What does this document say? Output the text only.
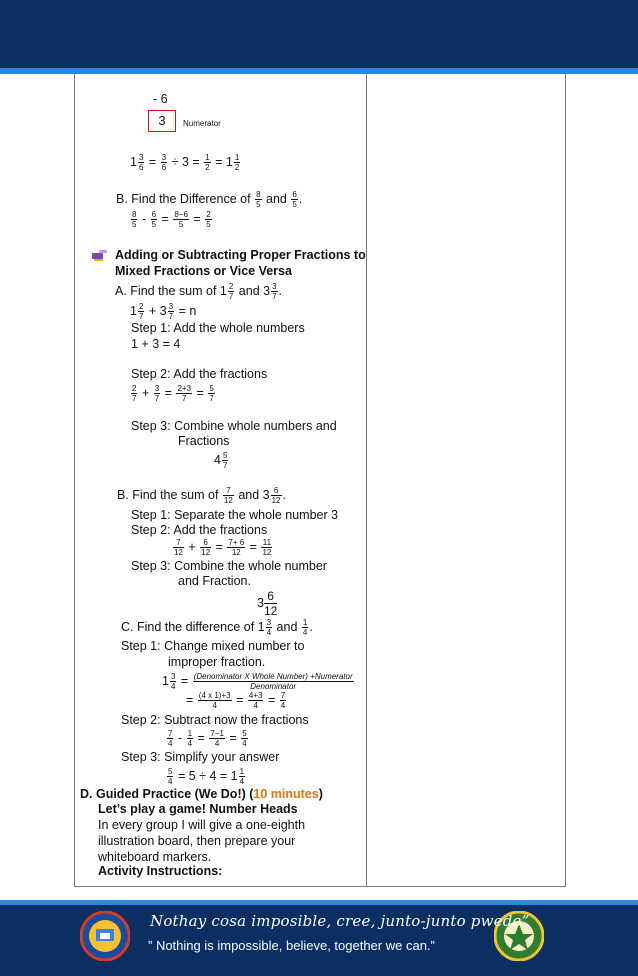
- 6
3	Numerator
$1 \frac{3}{6} = \frac{3}{6} \div 3 = \frac{1}{2} = 1 \frac{1}{2}$
B. Find the Difference of $\frac{8}{5}$ and $\frac{6}{5}$ .
$\frac{8}{5} - \frac{6}{5} = \frac{8-6}{5} = \frac{2}{5}$
Adding or Subtracting Proper Fractions to
Mixed Fractions or Vice Versa
A. Find the sum of $1 \frac{2}{7}$ and $3 \frac{3}{7}$ .
$1 \frac{2}{7} + 3 \frac{3}{7} = n$
Step 1: Add the whole numbers
1 + 3 = 4
Step 2: Add the fractions
$\frac{2}{7} + \frac{3}{7} = \frac{2+3}{7} = \frac{5}{7}$
Step 3: Combine whole numbers and
Fractions
$4 \frac{5}{7}$
B. Find the sum of $\frac{7}{12}$ and $3 \frac{6}{12}$ .
Step 1: Separate the whole number 3
Step 2: Add the fractions
$\frac{7}{12} + \frac{6}{12} = \frac{7+ 6}{12} = \frac{11}{12}$
Step 3: Combine the whole number
and Fraction.
$3 \frac{6}{12}$
C. Find the difference of $1 \frac{3}{4}$ and $\frac{1}{4}$ .
Step 1: Change mixed number to
improper fraction.
$1 \frac{3}{4} = \frac{\text{(Denominator X Whole Number) +Numerator}}{\text{Denominator}}$
= $\frac{(4 x 1)+3}{4} = \frac{4+3}{4} = \frac{7}{4}$
Step 2: Subtract now the fractions
$\frac{7}{4} - \frac{1}{4} = \frac{7-1}{4} = \frac{5}{4}$
Step 3: Simplify your answer
$\frac{5}{4} = 5 \div 4 = 1 \frac{1}{4}$
D. Guided Practice (We Do!) (10 minutes)
Let’s play a game! Number Heads
In every group I will give a one-eighth
illustration board, then prepare your
whiteboard markers.
Activity Instructions:
Nothay cosa imposible, cree, junto-junto pwede”
” Nothing is impossible, believe, together we can.”
